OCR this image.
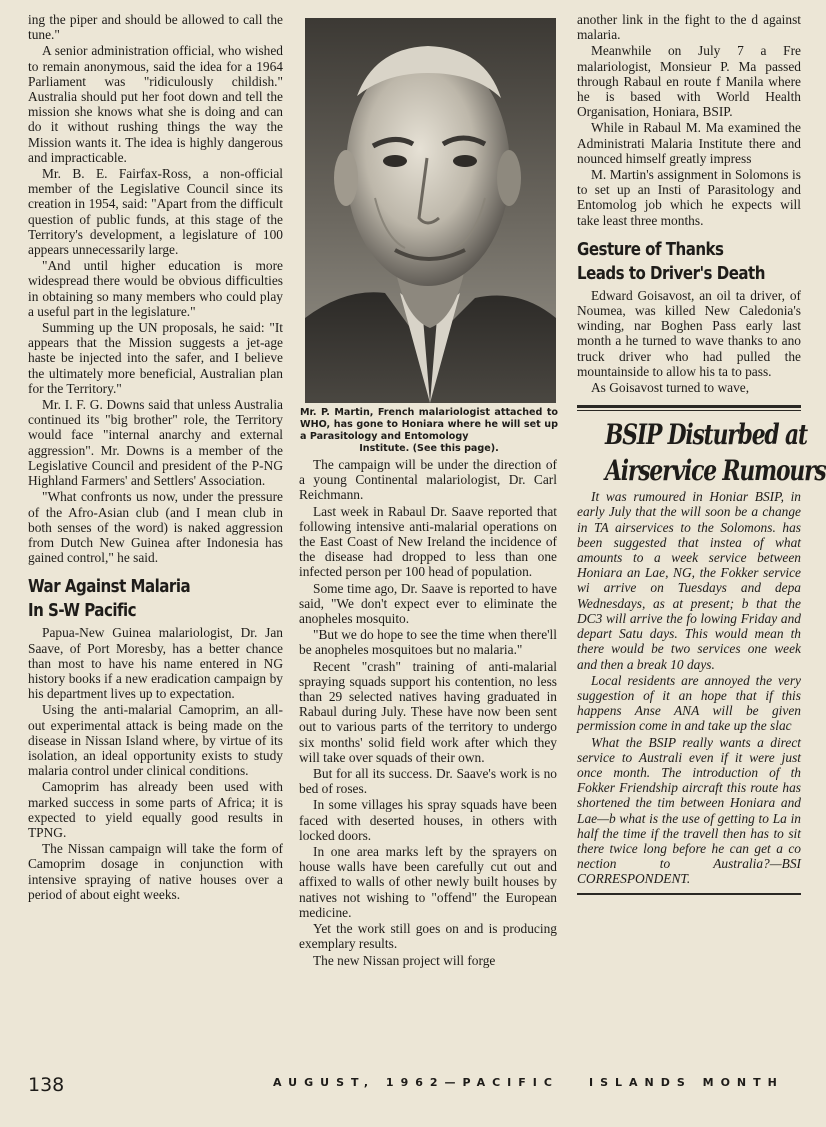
ing the piper and should be allowed to call the tune."

A senior administration official, who wished to remain anonymous, said the idea for a 1964 Parliament was "ridiculously childish." Australia should put her foot down and tell the mission she knows what she is doing and can do it without rushing things the way the Mission wants it. The idea is highly dangerous and impracticable.

Mr. B. E. Fairfax-Ross, a non-official member of the Legislative Council since its creation in 1954, said: "Apart from the difficult question of public funds, at this stage of the Territory's development, a legislature of 100 appears unnecessarily large.

"And until higher education is more widespread there would be obvious difficulties in obtaining so many members who could play a useful part in the legislature."

Summing up the UN proposals, he said: "It appears that the Mission suggests a jet-age haste be injected into the safer, and I believe the ultimately more beneficial, Australian plan for the Territory."

Mr. I. F. G. Downs said that unless Australia continued its "big brother" role, the Territory would face "internal anarchy and external aggression". Mr. Downs is a member of the Legislative Council and president of the P-NG Highland Farmers' and Settlers' Association.

"What confronts us now, under the pressure of the Afro-Asian club (and I mean club in both senses of the word) is naked aggression from Dutch New Guinea after Indonesia has gained control," he said.

War Against Malaria
In S-W Pacific

Papua-New Guinea malariologist, Dr. Jan Saave, of Port Moresby, has a better chance than most to have his name entered in NG history books if a new eradication campaign by his department lives up to expectation.

Using the anti-malarial Camoprim, an all-out experimental attack is being made on the disease in Nissan Island where, by virtue of its isolation, an ideal opportunity exists to study malaria control under clinical conditions.

Camoprim has already been used with marked success in some parts of Africa; it is expected to yield equally good results in TPNG.

The Nissan campaign will take the form of Camoprim dosage in conjunction with intensive spraying of native houses over a period of about eight weeks.

Mr. P. Martin, French malariologist attached to WHO, has gone to Honiara where he will set up a Parasitology and Entomology
Institute. (See this page).

The campaign will be under the direction of a young Continental malariologist, Dr. Carl Reichmann.

Last week in Rabaul Dr. Saave reported that following intensive anti-malarial operations on the East Coast of New Ireland the incidence of the disease had dropped to less than one infected person per 100 head of population.

Some time ago, Dr. Saave is reported to have said, "We don't expect ever to eliminate the anopheles mosquito.

"But we do hope to see the time when there'll be anopheles mosquitoes but no malaria."

Recent "crash" training of anti-malarial spraying squads support his contention, no less than 29 selected natives having graduated in Rabaul during July. These have now been sent out to various parts of the territory to undergo six months' solid field work after which they will take over squads of their own.

But for all its success. Dr. Saave's work is no bed of roses.

In some villages his spray squads have been faced with deserted houses, in others with locked doors.

In one area marks left by the sprayers on house walls have been carefully cut out and affixed to walls of other newly built houses by natives not wishing to "offend" the European medicine.

Yet the work still goes on and is producing exemplary results.

The new Nissan project will forge

another link in the fight to the d against malaria.

Meanwhile on July 7 a Fre malariologist, Monsieur P. Ma passed through Rabaul en route f Manila where he is based with World Health Organisation, Honiara, BSIP.

While in Rabaul M. Ma examined the Administrati Malaria Institute there and nounced himself greatly impress

M. Martin's assignment in Solomons is to set up an Insti of Parasitology and Entomolog job which he expects will take least three months.

Gesture of Thanks
Leads to Driver's Death

Edward Goisavost, an oil ta driver, of Noumea, was killed New Caledonia's winding, nar Boghen Pass early last month a he turned to wave thanks to ano truck driver who had pulled the mountainside to allow his ta to pass.

As Goisavost turned to wave,

BSIP Disturbed at
Airservice Rumours

It was rumoured in Honiar BSIP, in early July that the will soon be a change in TA airservices to the Solomons. has been suggested that instea of what amounts to a week service between Honiara an Lae, NG, the Fokker service wi arrive on Tuesdays and depa Wednesdays, as at present; b that the DC3 will arrive the fo lowing Friday and depart Satu days. This would mean th there would be two services one week and then a break 10 days.

Local residents are annoyed the very suggestion of it an hope that if this happens Anse ANA will be given permission come in and take up the slac

What the BSIP really wants a direct service to Australi even if it were just once month. The introduction of th Fokker Friendship aircraft this route has shortened the tim between Honiara and Lae—b what is the use of getting to La in half the time if the travell then has to sit there twice long before he can get a co nection to Australia?—BSI CORRESPONDENT.

138	AUGUST, 1962—PACIFIC	ISLANDS MONTH
